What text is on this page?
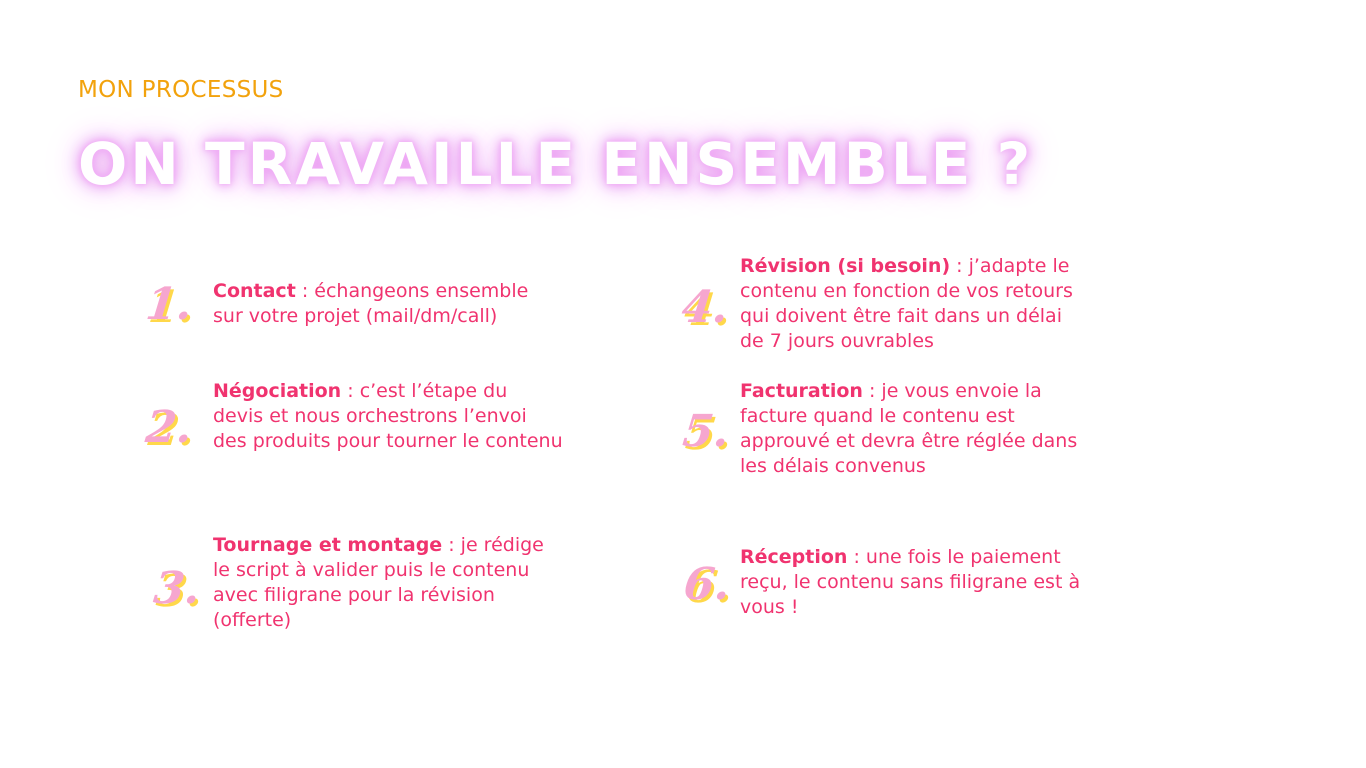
MON PROCESSUS

ON TRAVAILLE ENSEMBLE ?
1. Contact : échangeons ensemble sur votre projet (mail/dm/call)

2.

Négociation : c’est l’étape du devis et nous orchestrons l’envoi des produits pour tourner le contenu

3.

Tournage et montage : je rédige le script à valider puis le contenu avec filigrane pour la révision (offerte)

4.

Révision (si besoin) : j’adapte le contenu en fonction de vos retours qui doivent être fait dans un délai de 7 jours ouvrables

5.

Facturation : je vous envoie la facture quand le contenu est approuvé et devra être réglée dans les délais convenus

6.

Réception : une fois le paiement reçu, le contenu sans filigrane est à vous !
